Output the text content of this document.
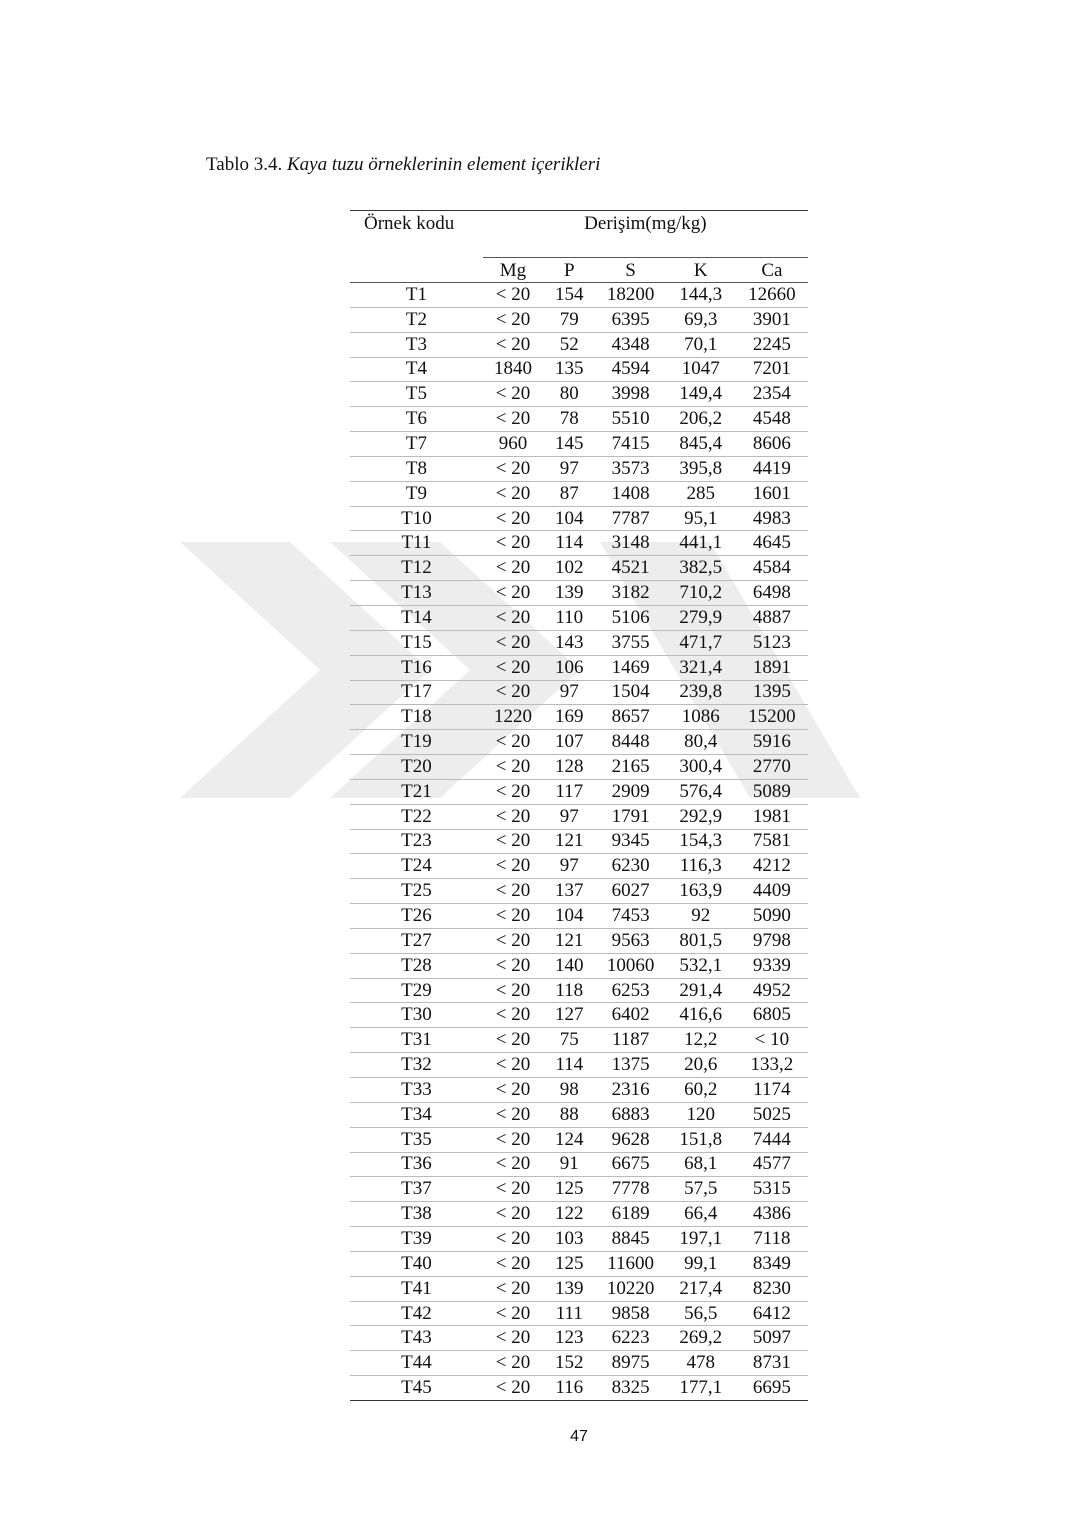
Tablo 3.4. Kaya tuzu örneklerinin element içerikleri
Örnek kodu	Derişim(mg/kg)				
	Mg	P	S	K	Ca
T1	< 20	154	18200	144,3	12660
T2	< 20	79	6395	69,3	3901
T3	< 20	52	4348	70,1	2245
T4	1840	135	4594	1047	7201
T5	< 20	80	3998	149,4	2354
T6	< 20	78	5510	206,2	4548
T7	960	145	7415	845,4	8606
T8	< 20	97	3573	395,8	4419
T9	< 20	87	1408	285	1601
T10	< 20	104	7787	95,1	4983
T11	< 20	114	3148	441,1	4645
T12	< 20	102	4521	382,5	4584
T13	< 20	139	3182	710,2	6498
T14	< 20	110	5106	279,9	4887
T15	< 20	143	3755	471,7	5123
T16	< 20	106	1469	321,4	1891
T17	< 20	97	1504	239,8	1395
T18	1220	169	8657	1086	15200
T19	< 20	107	8448	80,4	5916
T20	< 20	128	2165	300,4	2770
T21	< 20	117	2909	576,4	5089
T22	< 20	97	1791	292,9	1981
T23	< 20	121	9345	154,3	7581
T24	< 20	97	6230	116,3	4212
T25	< 20	137	6027	163,9	4409
T26	< 20	104	7453	92	5090
T27	< 20	121	9563	801,5	9798
T28	< 20	140	10060	532,1	9339
T29	< 20	118	6253	291,4	4952
T30	< 20	127	6402	416,6	6805
T31	< 20	75	1187	12,2	< 10
T32	< 20	114	1375	20,6	133,2
T33	< 20	98	2316	60,2	1174
T34	< 20	88	6883	120	5025
T35	< 20	124	9628	151,8	7444
T36	< 20	91	6675	68,1	4577
T37	< 20	125	7778	57,5	5315
T38	< 20	122	6189	66,4	4386
T39	< 20	103	8845	197,1	7118
T40	< 20	125	11600	99,1	8349
T41	< 20	139	10220	217,4	8230
T42	< 20	111	9858	56,5	6412
T43	< 20	123	6223	269,2	5097
T44	< 20	152	8975	478	8731
T45	< 20	116	8325	177,1	6695
47
